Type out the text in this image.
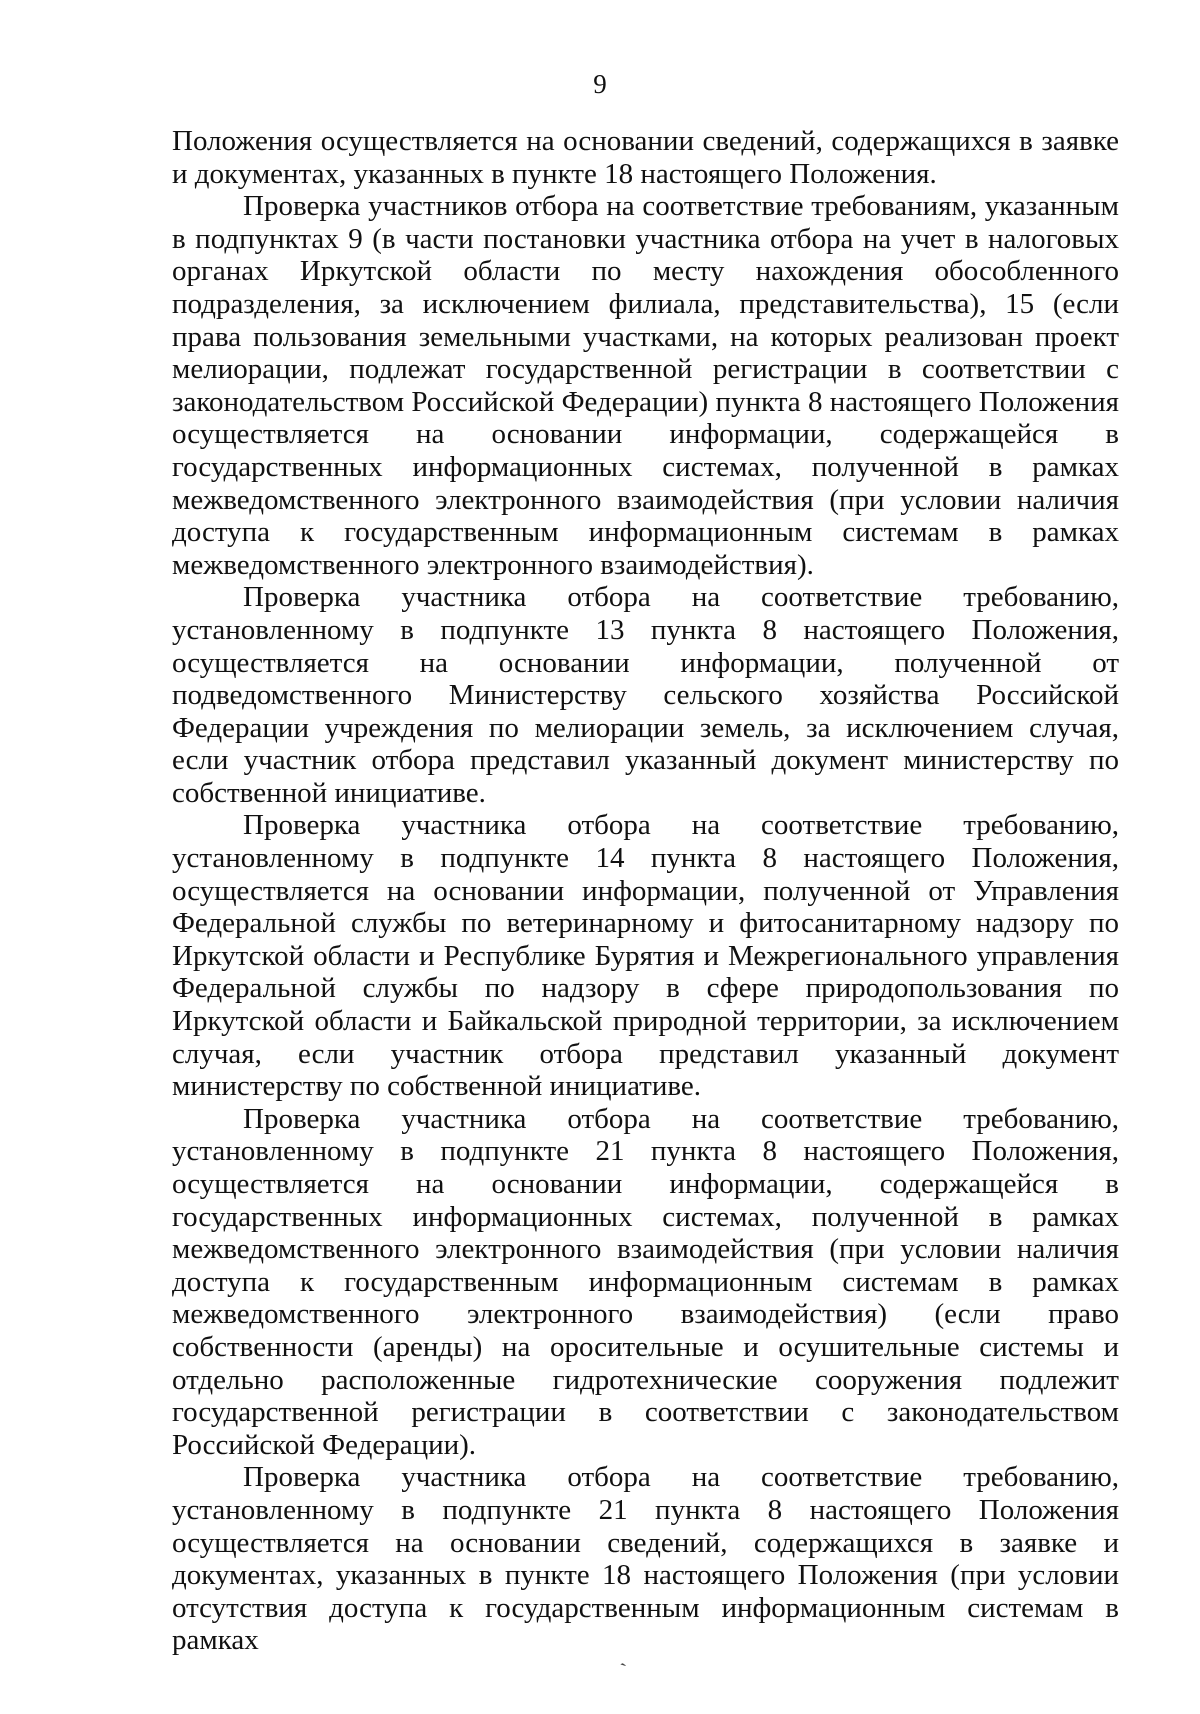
9

Положения осуществляется на основании сведений, содержащихся в заявке и документах, указанных в пункте 18 настоящего Положения.

Проверка участников отбора на соответствие требованиям, указанным в подпунктах 9 (в части постановки участника отбора на учет в налоговых органах Иркутской области по месту нахождения обособленного подразделения, за исключением филиала, представительства), 15 (если права пользования земельными участками, на которых реализован проект мелиорации, подлежат государственной регистрации в соответствии с законодательством Российской Федерации) пункта 8 настоящего Положения осуществляется на основании информации, содержащейся в государственных информационных системах, полученной в рамках межведомственного электронного взаимодействия (при условии наличия доступа к государственным информационным системам в рамках межведомственного электронного взаимодействия).

Проверка участника отбора на соответствие требованию, установленному в подпункте 13 пункта 8 настоящего Положения, осуществляется на основании информации, полученной от подведомственного Министерству сельского хозяйства Российской Федерации учреждения по мелиорации земель, за исключением случая, если участник отбора представил указанный документ министерству по собственной инициативе.

Проверка участника отбора на соответствие требованию, установленному в подпункте 14 пункта 8 настоящего Положения, осуществляется на основании информации, полученной от Управления Федеральной службы по ветеринарному и фитосанитарному надзору по Иркутской области и Республике Бурятия и Межрегионального управления Федеральной службы по надзору в сфере природопользования по Иркутской области и Байкальской природной территории, за исключением случая, если участник отбора представил указанный документ министерству по собственной инициативе.

Проверка участника отбора на соответствие требованию, установленному в подпункте 21 пункта 8 настоящего Положения, осуществляется на основании информации, содержащейся в государственных информационных системах, полученной в рамках межведомственного электронного взаимодействия (при условии наличия доступа к государственным информационным системам в рамках межведомственного электронного взаимодействия) (если право собственности (аренды) на оросительные и осушительные системы и отдельно расположенные гидротехнические сооружения подлежит государственной регистрации в соответствии с законодательством Российской Федерации).

Проверка участника отбора на соответствие требованию, установленному в подпункте 21 пункта 8 настоящего Положения осуществляется на основании сведений, содержащихся в заявке и документах, указанных в пункте 18 настоящего Положения (при условии отсутствия доступа к государственным информационным системам в рамках

ˋ
